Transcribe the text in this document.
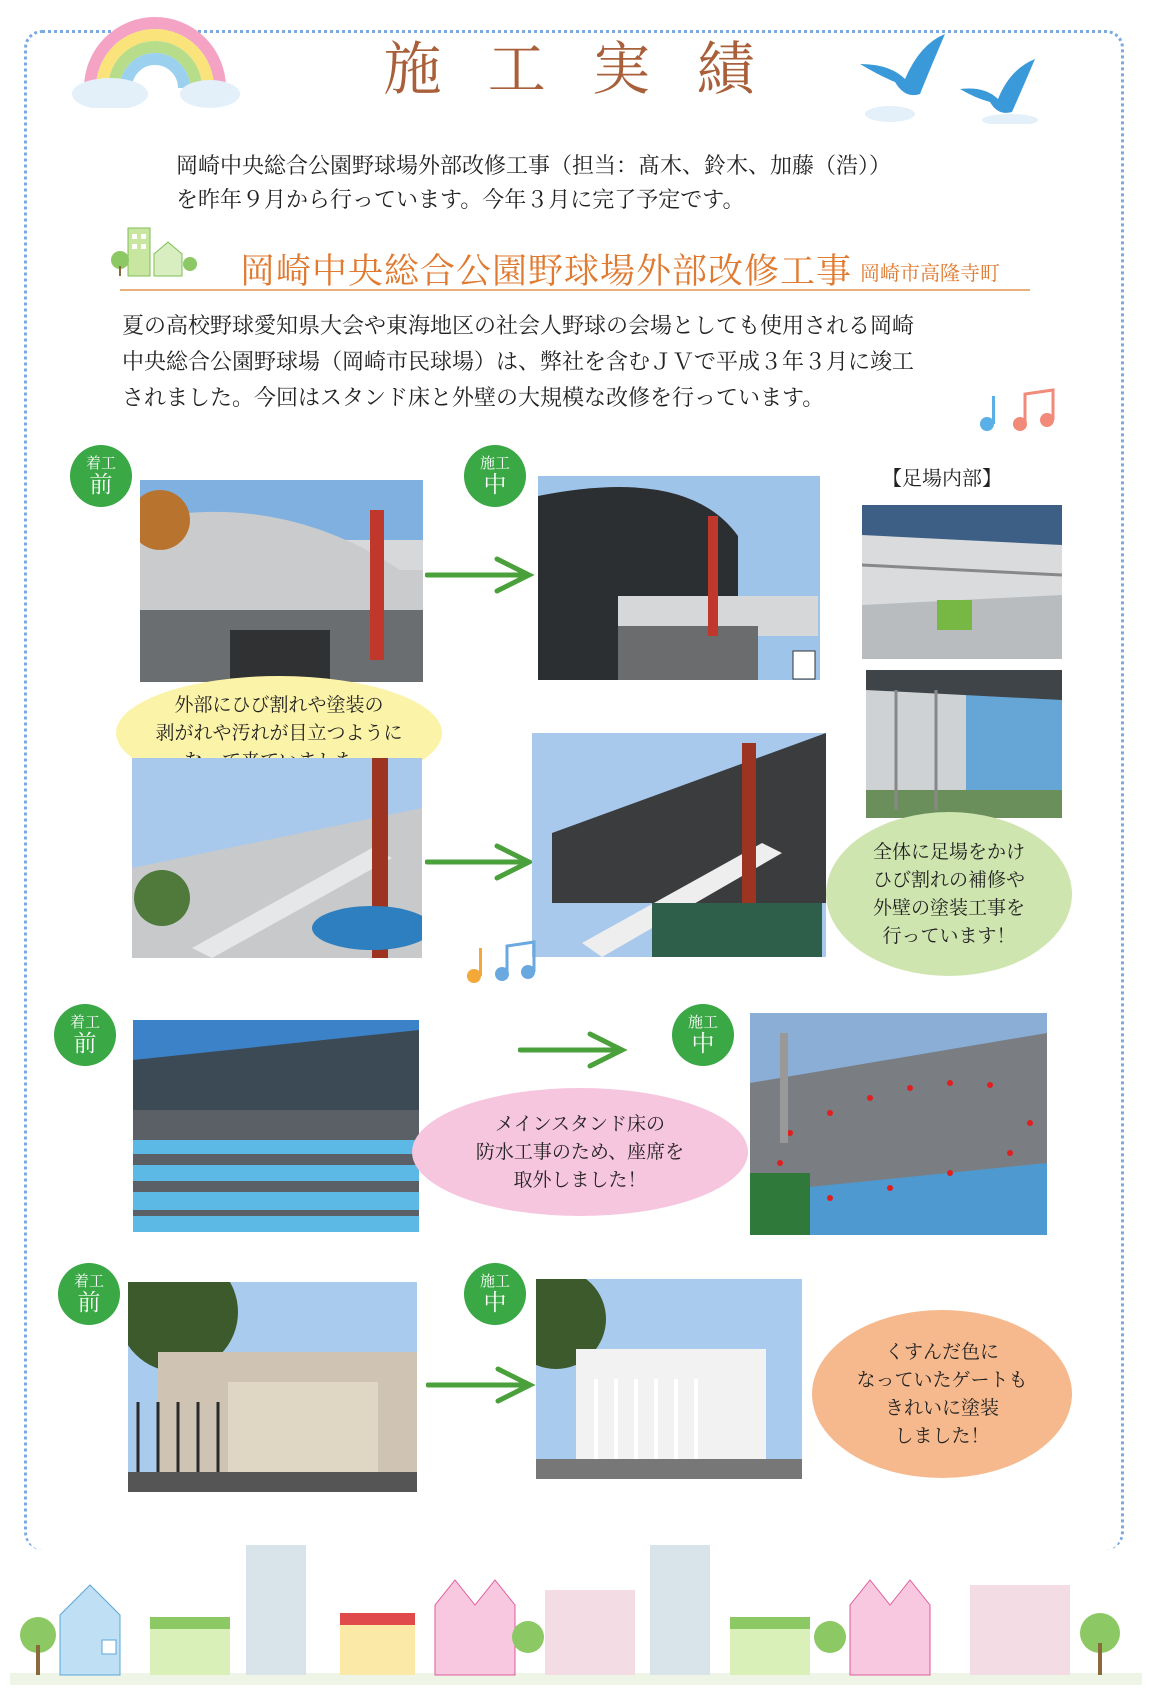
施 工 実 績
岡崎中央総合公園野球場外部改修工事（担当：髙木、鈴木、加藤（浩））
を昨年９月から行っています。今年３月に完了予定です。
岡崎中央総合公園野球場外部改修工事 岡崎市高隆寺町
夏の高校野球愛知県大会や東海地区の社会人野球の会場としても使用される岡崎
中央総合公園野球場（岡崎市民球場）は、弊社を含むＪＶで平成３年３月に竣工
されました。今回はスタンド床と外壁の大規模な改修を行っています。
着工
前
施工
中	【足場内部】
外部にひび割れや塗装の
剥がれや汚れが目立つように
全体に足場をかけ
ひび割れの補修や
外壁の塗装工事を
行っています！
着工
前
施工
中
メインスタンド床の
防水工事のため、座席を
取外しました！
着工
前
施工
中
くすんだ色に
なっていたゲートも
きれいに塗装
しました！
